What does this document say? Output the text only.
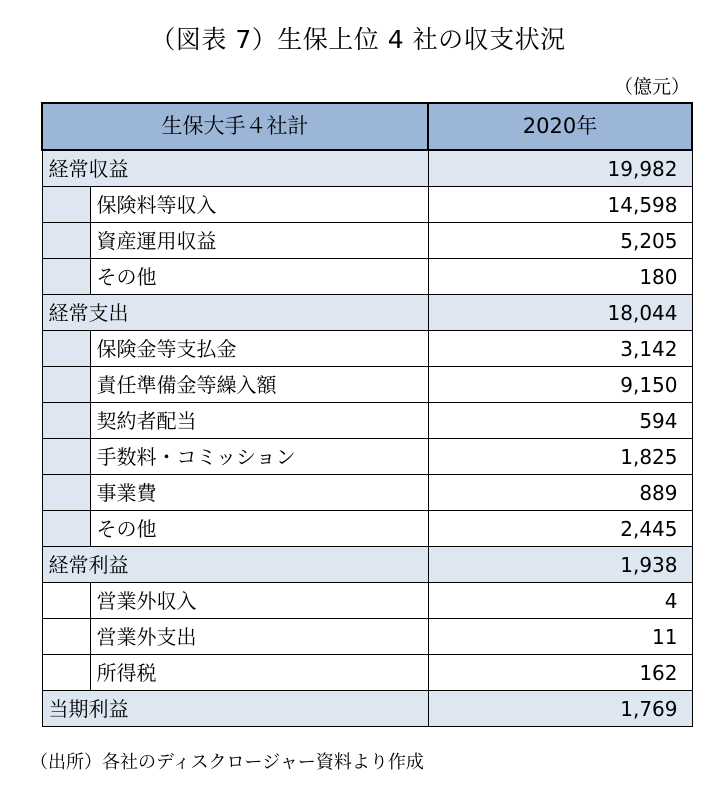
（図表 7）生保上位 4 社の収支状況
（億元）
生保大手４社計		2020年
経常収益		19,982
	保険料等収入	14,598
	資産運用収益	5,205
	その他	180
経常支出		18,044
	保険金等支払金	3,142
	責任準備金等繰入額	9,150
	契約者配当	594
	手数料・コミッション	1,825
	事業費	889
	その他	2,445
経常利益		1,938
	営業外収入	4
	営業外支出	11
	所得税	162
当期利益		1,769
（出所）各社のディスクロージャー資料より作成
